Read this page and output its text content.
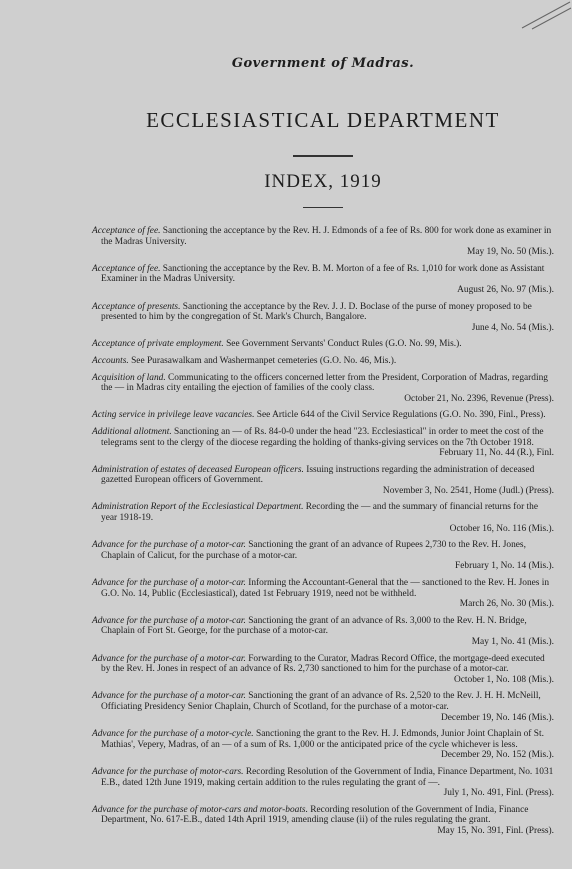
Government of Madras.
ECCLESIASTICAL DEPARTMENT
INDEX, 1919
Acceptance of fee. Sanctioning the acceptance by the Rev. H. J. Edmonds of a fee of Rs. 800 for work done as examiner in the Madras University.
May 19, No. 50 (Mis.).
Acceptance of fee. Sanctioning the acceptance by the Rev. B. M. Morton of a fee of Rs. 1,010 for work done as Assistant Examiner in the Madras University.
August 26, No. 97 (Mis.).
Acceptance of presents. Sanctioning the acceptance by the Rev. J. J. D. Boclase of the purse of money proposed to be presented to him by the congregation of St. Mark's Church, Bangalore.
June 4, No. 54 (Mis.).
Acceptance of private employment. See Government Servants' Conduct Rules (G.O. No. 99, Mis.).
Accounts. See Purasawalkam and Washermanpet cemeteries (G.O. No. 46, Mis.).
Acquisition of land. Communicating to the officers concerned letter from the President, Corporation of Madras, regarding the — in Madras city entailing the ejection of families of the cooly class.
October 21, No. 2396, Revenue (Press).
Acting service in privilege leave vacancies. See Article 644 of the Civil Service Regulations (G.O. No. 390, Finl., Press).
Additional allotment. Sanctioning an — of Rs. 84-0-0 under the head "23. Ecclesiastical" in order to meet the cost of the telegrams sent to the clergy of the diocese regarding the holding of thanks-giving services on the 7th October 1918.
February 11, No. 44 (R.), Finl.
Administration of estates of deceased European officers. Issuing instructions regarding the administration of deceased gazetted European officers of Government.
November 3, No. 2541, Home (Judl.) (Press).
Administration Report of the Ecclesiastical Department. Recording the — and the summary of financial returns for the year 1918-19.
October 16, No. 116 (Mis.).
Advance for the purchase of a motor-car. Sanctioning the grant of an advance of Rupees 2,730 to the Rev. H. Jones, Chaplain of Calicut, for the purchase of a motor-car.
February 1, No. 14 (Mis.).
Advance for the purchase of a motor-car. Informing the Accountant-General that the — sanctioned to the Rev. H. Jones in G.O. No. 14, Public (Ecclesiastical), dated 1st February 1919, need not be withheld.
March 26, No. 30 (Mis.).
Advance for the purchase of a motor-car. Sanctioning the grant of an advance of Rs. 3,000 to the Rev. H. N. Bridge, Chaplain of Fort St. George, for the purchase of a motor-car.
May 1, No. 41 (Mis.).
Advance for the purchase of a motor-car. Forwarding to the Curator, Madras Record Office, the mortgage-deed executed by the Rev. H. Jones in respect of an advance of Rs. 2,730 sanctioned to him for the purchase of a motor-car.
October 1, No. 108 (Mis.).
Advance for the purchase of a motor-car. Sanctioning the grant of an advance of Rs. 2,520 to the Rev. J. H. H. McNeill, Officiating Presidency Senior Chaplain, Church of Scotland, for the purchase of a motor-car.
December 19, No. 146 (Mis.).
Advance for the purchase of a motor-cycle. Sanctioning the grant to the Rev. H. J. Edmonds, Junior Joint Chaplain of St. Mathias', Vepery, Madras, of an — of a sum of Rs. 1,000 or the anticipated price of the cycle whichever is less.
December 29, No. 152 (Mis.).
Advance for the purchase of motor-cars. Recording Resolution of the Government of India, Finance Department, No. 1031 E.B., dated 12th June 1919, making certain addition to the rules regulating the grant of —.
July 1, No. 491, Finl. (Press).
Advance for the purchase of motor-cars and motor-boats. Recording resolution of the Government of India, Finance Department, No. 617-E.B., dated 14th April 1919, amending clause (ii) of the rules regulating the grant.
May 15, No. 391, Finl. (Press).
